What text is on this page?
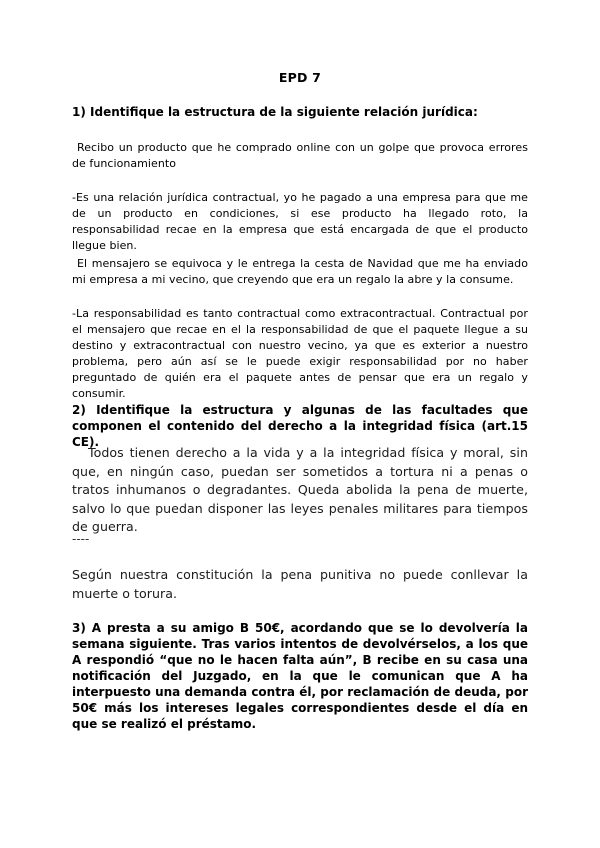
EPD 7
1) Identifique la estructura de la siguiente relación jurídica:
Recibo un producto que he comprado online con un golpe que provoca errores de funcionamiento
-Es una relación jurídica contractual, yo he pagado a una empresa para que me de un producto en condiciones, si ese producto ha llegado roto, la responsabilidad recae en la empresa que está encargada de que el producto llegue bien.
El mensajero se equivoca y le entrega la cesta de Navidad que me ha enviado mi empresa a mi vecino, que creyendo que era un regalo la abre y la consume.
-La responsabilidad es tanto contractual como extracontractual. Contractual por el mensajero que recae en el la responsabilidad de que el paquete llegue a su destino y extracontractual con nuestro vecino, ya que es exterior a nuestro problema, pero aún así se le puede exigir responsabilidad por no haber preguntado de quién era el paquete antes de pensar que era un regalo y consumir.
2) Identifique la estructura y algunas de las facultades que componen el contenido del derecho a la integridad física (art.15 CE).
Todos tienen derecho a la vida y a la integridad física y moral, sin que, en ningún caso, puedan ser sometidos a tortura ni a penas o tratos inhumanos o degradantes. Queda abolida la pena de muerte, salvo lo que puedan disponer las leyes penales militares para tiempos de guerra.
----
Según nuestra constitución la pena punitiva no puede conllevar la muerte o torura.
3) A presta a su amigo B 50€, acordando que se lo devolvería la semana siguiente. Tras varios intentos de devolvérselos, a los que A respondió “que no le hacen falta aún”, B recibe en su casa una notificación del Juzgado, en la que le comunican que A ha interpuesto una demanda contra él, por reclamación de deuda, por 50€ más los intereses legales correspondientes desde el día en que se realizó el préstamo.
